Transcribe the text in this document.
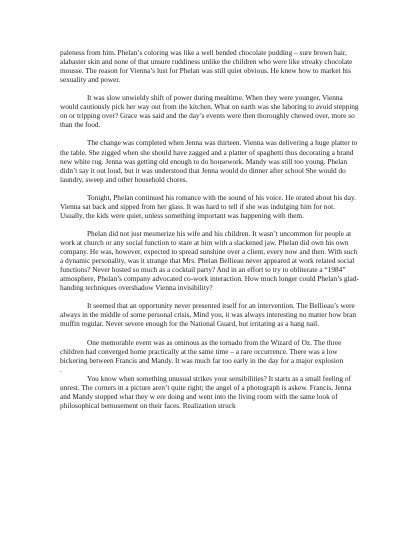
paleness from him. Phelan’s coloring was like a well bended chocolate pudding – sure brown hair, alabaster skin and none of that unsure ruddiness unlike the children who were like streaky chocolate mousse. The reason for Vienna’s lust for Phelan was still quiet obvious. He knew how to market his sexuality and power.

It was slow unwieldy shift of power during mealtime. When they were younger, Vienna would cautiously pick her way out from the kitchen. What on earth was she laboring to avoid stepping on or tripping over? Grace was said and the day’s events were then thoroughly chewed over, more so than the food.

The change was completed when Jenna was thirteen. Vienna was delivering a huge platter to the table. She zigged when she should have zagged and a platter of spaghetti thus decorating a brand new white rug. Jenna was getting old enough to do housework. Mandy was still too young. Phelan didn’t say it out loud, but it was understood that Jenna would do dinner after school She would do laundry, sweep and other household chores.

Tonight, Phelan continued his romance with the sound of his voice. He orated about his day. Vienna sat back and sipped from her glass. It was hard to tell if she was indulging him for not. Usually, the kids were quiet, unless something important was happening with them.

Phelan did not just mesmerize his wife and his children. It wasn’t uncommon for people at work at church or any social function to stare at him with a slackened jaw. Phelan did own his own company. He was, however, expected to spread sunshine over a client, every now and then. With such a dynamic personality, was it strange that Mrs. Phelan Bellieau never appeared at work related social functions? Never hosted so much as a cocktail party? And in an effort to try to obliterate a “1984” atmosphere, Phelan’s company advocated co-work interaction. How much longer could Phelan’s glad-handing techniques overshadow Vienna invisibility?

It seemed that an opportunity never presented itself for an intervention. The Bellieau’s were always in the middle of some personal crisis, Mind you, it was always interesting no matter how bran muffin regular. Never severe enough for the National Guard, but irritating as a hang nail.

One memorable event was as ominous as the tornado from the Wizard of Oz. The three children had converged home practically at the same time – a rare occurrence. There was a low bickering between Francis and Mandy. It was much far too early in the day for a major explosion

.

You know when something unusual strikes your sensibilities? It starts as a small feeling of unrest. The corners in a picture aren’t quite right; the angel of a photograph is askew. Francis, Jenna and Mandy stopped what they w ere doing and went into the living room with the same look of philosophical bemusement on their faces. Realization struck
